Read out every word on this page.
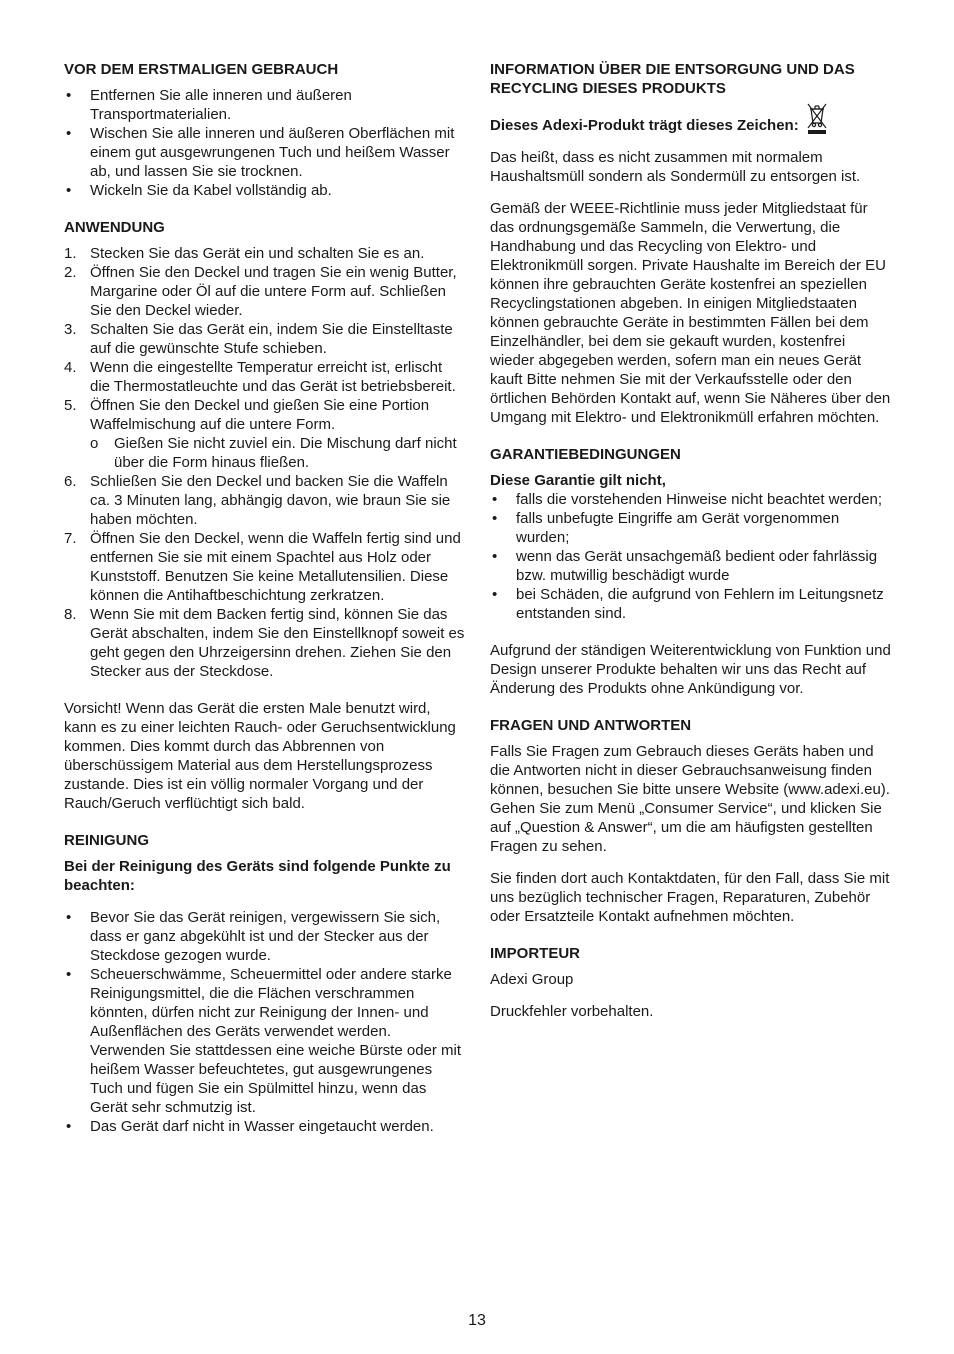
VOR DEM ERSTMALIGEN GEBRAUCH
• Entfernen Sie alle inneren und äußeren Transportmaterialien.
• Wischen Sie alle inneren und äußeren Oberflächen mit einem gut ausgewrungenen Tuch und heißem Wasser ab, und lassen Sie sie trocknen.
• Wickeln Sie da Kabel vollständig ab.
ANWENDUNG
1. Stecken Sie das Gerät ein und schalten Sie es an.
2. Öffnen Sie den Deckel und tragen Sie ein wenig Butter, Margarine oder Öl auf die untere Form auf. Schließen Sie den Deckel wieder.
3. Schalten Sie das Gerät ein, indem Sie die Einstelltaste auf die gewünschte Stufe schieben.
4. Wenn die eingestellte Temperatur erreicht ist, erlischt die Thermostatleuchte und das Gerät ist betriebsbereit.
5. Öffnen Sie den Deckel und gießen Sie eine Portion Waffelmischung auf die untere Form.
o Gießen Sie nicht zuviel ein. Die Mischung darf nicht über die Form hinaus fließen.
6. Schließen Sie den Deckel und backen Sie die Waffeln ca. 3 Minuten lang, abhängig davon, wie braun Sie sie haben möchten.
7. Öffnen Sie den Deckel, wenn die Waffeln fertig sind und entfernen Sie sie mit einem Spachtel aus Holz oder Kunststoff. Benutzen Sie keine Metallutensilien. Diese können die Antihaftbeschichtung zerkratzen.
8. Wenn Sie mit dem Backen fertig sind, können Sie das Gerät abschalten, indem Sie den Einstellknopf soweit es geht gegen den Uhrzeigersinn drehen. Ziehen Sie den Stecker aus der Steckdose.

Vorsicht! Wenn das Gerät die ersten Male benutzt wird, kann es zu einer leichten Rauch- oder Geruchsentwicklung kommen. Dies kommt durch das Abbrennen von überschüssigem Material aus dem Herstellungsprozess zustande. Dies ist ein völlig normaler Vorgang und der Rauch/Geruch verflüchtigt sich bald.

REINIGUNG

Bei der Reinigung des Geräts sind folgende Punkte zu beachten:

• Bevor Sie das Gerät reinigen, vergewissern Sie sich, dass er ganz abgekühlt ist und der Stecker aus der Steckdose gezogen wurde.
• Scheuerschwämme, Scheuermittel oder andere starke Reinigungsmittel, die die Flächen verschrammen könnten, dürfen nicht zur Reinigung der Innen- und Außenflächen des Geräts verwendet werden. Verwenden Sie stattdessen eine weiche Bürste oder mit heißem Wasser befeuchtetes, gut ausgewrungenes Tuch und fügen Sie ein Spülmittel hinzu, wenn das Gerät sehr schmutzig ist.
• Das Gerät darf nicht in Wasser eingetaucht werden.
INFORMATION ÜBER DIE ENTSORGUNG UND DAS RECYCLING DIESES PRODUKTS

Dieses Adexi-Produkt trägt dieses Zeichen:

Das heißt, dass es nicht zusammen mit normalem Haushaltsmüll sondern als Sondermüll zu entsorgen ist.

Gemäß der WEEE-Richtlinie muss jeder Mitgliedstaat für das ordnungsgemäße Sammeln, die Verwertung, die Handhabung und das Recycling von Elektro- und Elektronikmüll sorgen. Private Haushalte im Bereich der EU können ihre gebrauchten Geräte kostenfrei an speziellen Recyclingstationen abgeben. In einigen Mitgliedstaaten können gebrauchte Geräte in bestimmten Fällen bei dem Einzelhändler, bei dem sie gekauft wurden, kostenfrei wieder abgegeben werden, sofern man ein neues Gerät kauft Bitte nehmen Sie mit der Verkaufsstelle oder den örtlichen Behörden Kontakt auf, wenn Sie Näheres über den Umgang mit Elektro- und Elektronikmüll erfahren möchten.

GARANTIEBEDINGUNGEN

Diese Garantie gilt nicht,

• falls die vorstehenden Hinweise nicht beachtet werden;
• falls unbefugte Eingriffe am Gerät vorgenommen wurden;
• wenn das Gerät unsachgemäß bedient oder fahrlässig bzw. mutwillig beschädigt wurde
• bei Schäden, die aufgrund von Fehlern im Leitungsnetz entstanden sind.

Aufgrund der ständigen Weiterentwicklung von Funktion und Design unserer Produkte behalten wir uns das Recht auf Änderung des Produkts ohne Ankündigung vor.

FRAGEN UND ANTWORTEN

Falls Sie Fragen zum Gebrauch dieses Geräts haben und die Antworten nicht in dieser Gebrauchsanweisung finden können, besuchen Sie bitte unsere Website (www.adexi.eu).

Gehen Sie zum Menü „Consumer Service“, und klicken Sie auf „Question & Answer“, um die am häufigsten gestellten Fragen zu sehen.

Sie finden dort auch Kontaktdaten, für den Fall, dass Sie mit uns bezüglich technischer Fragen, Reparaturen, Zubehör oder Ersatzteile Kontakt aufnehmen möchten.

IMPORTEUR

Adexi Group

Druckfehler vorbehalten.

13
